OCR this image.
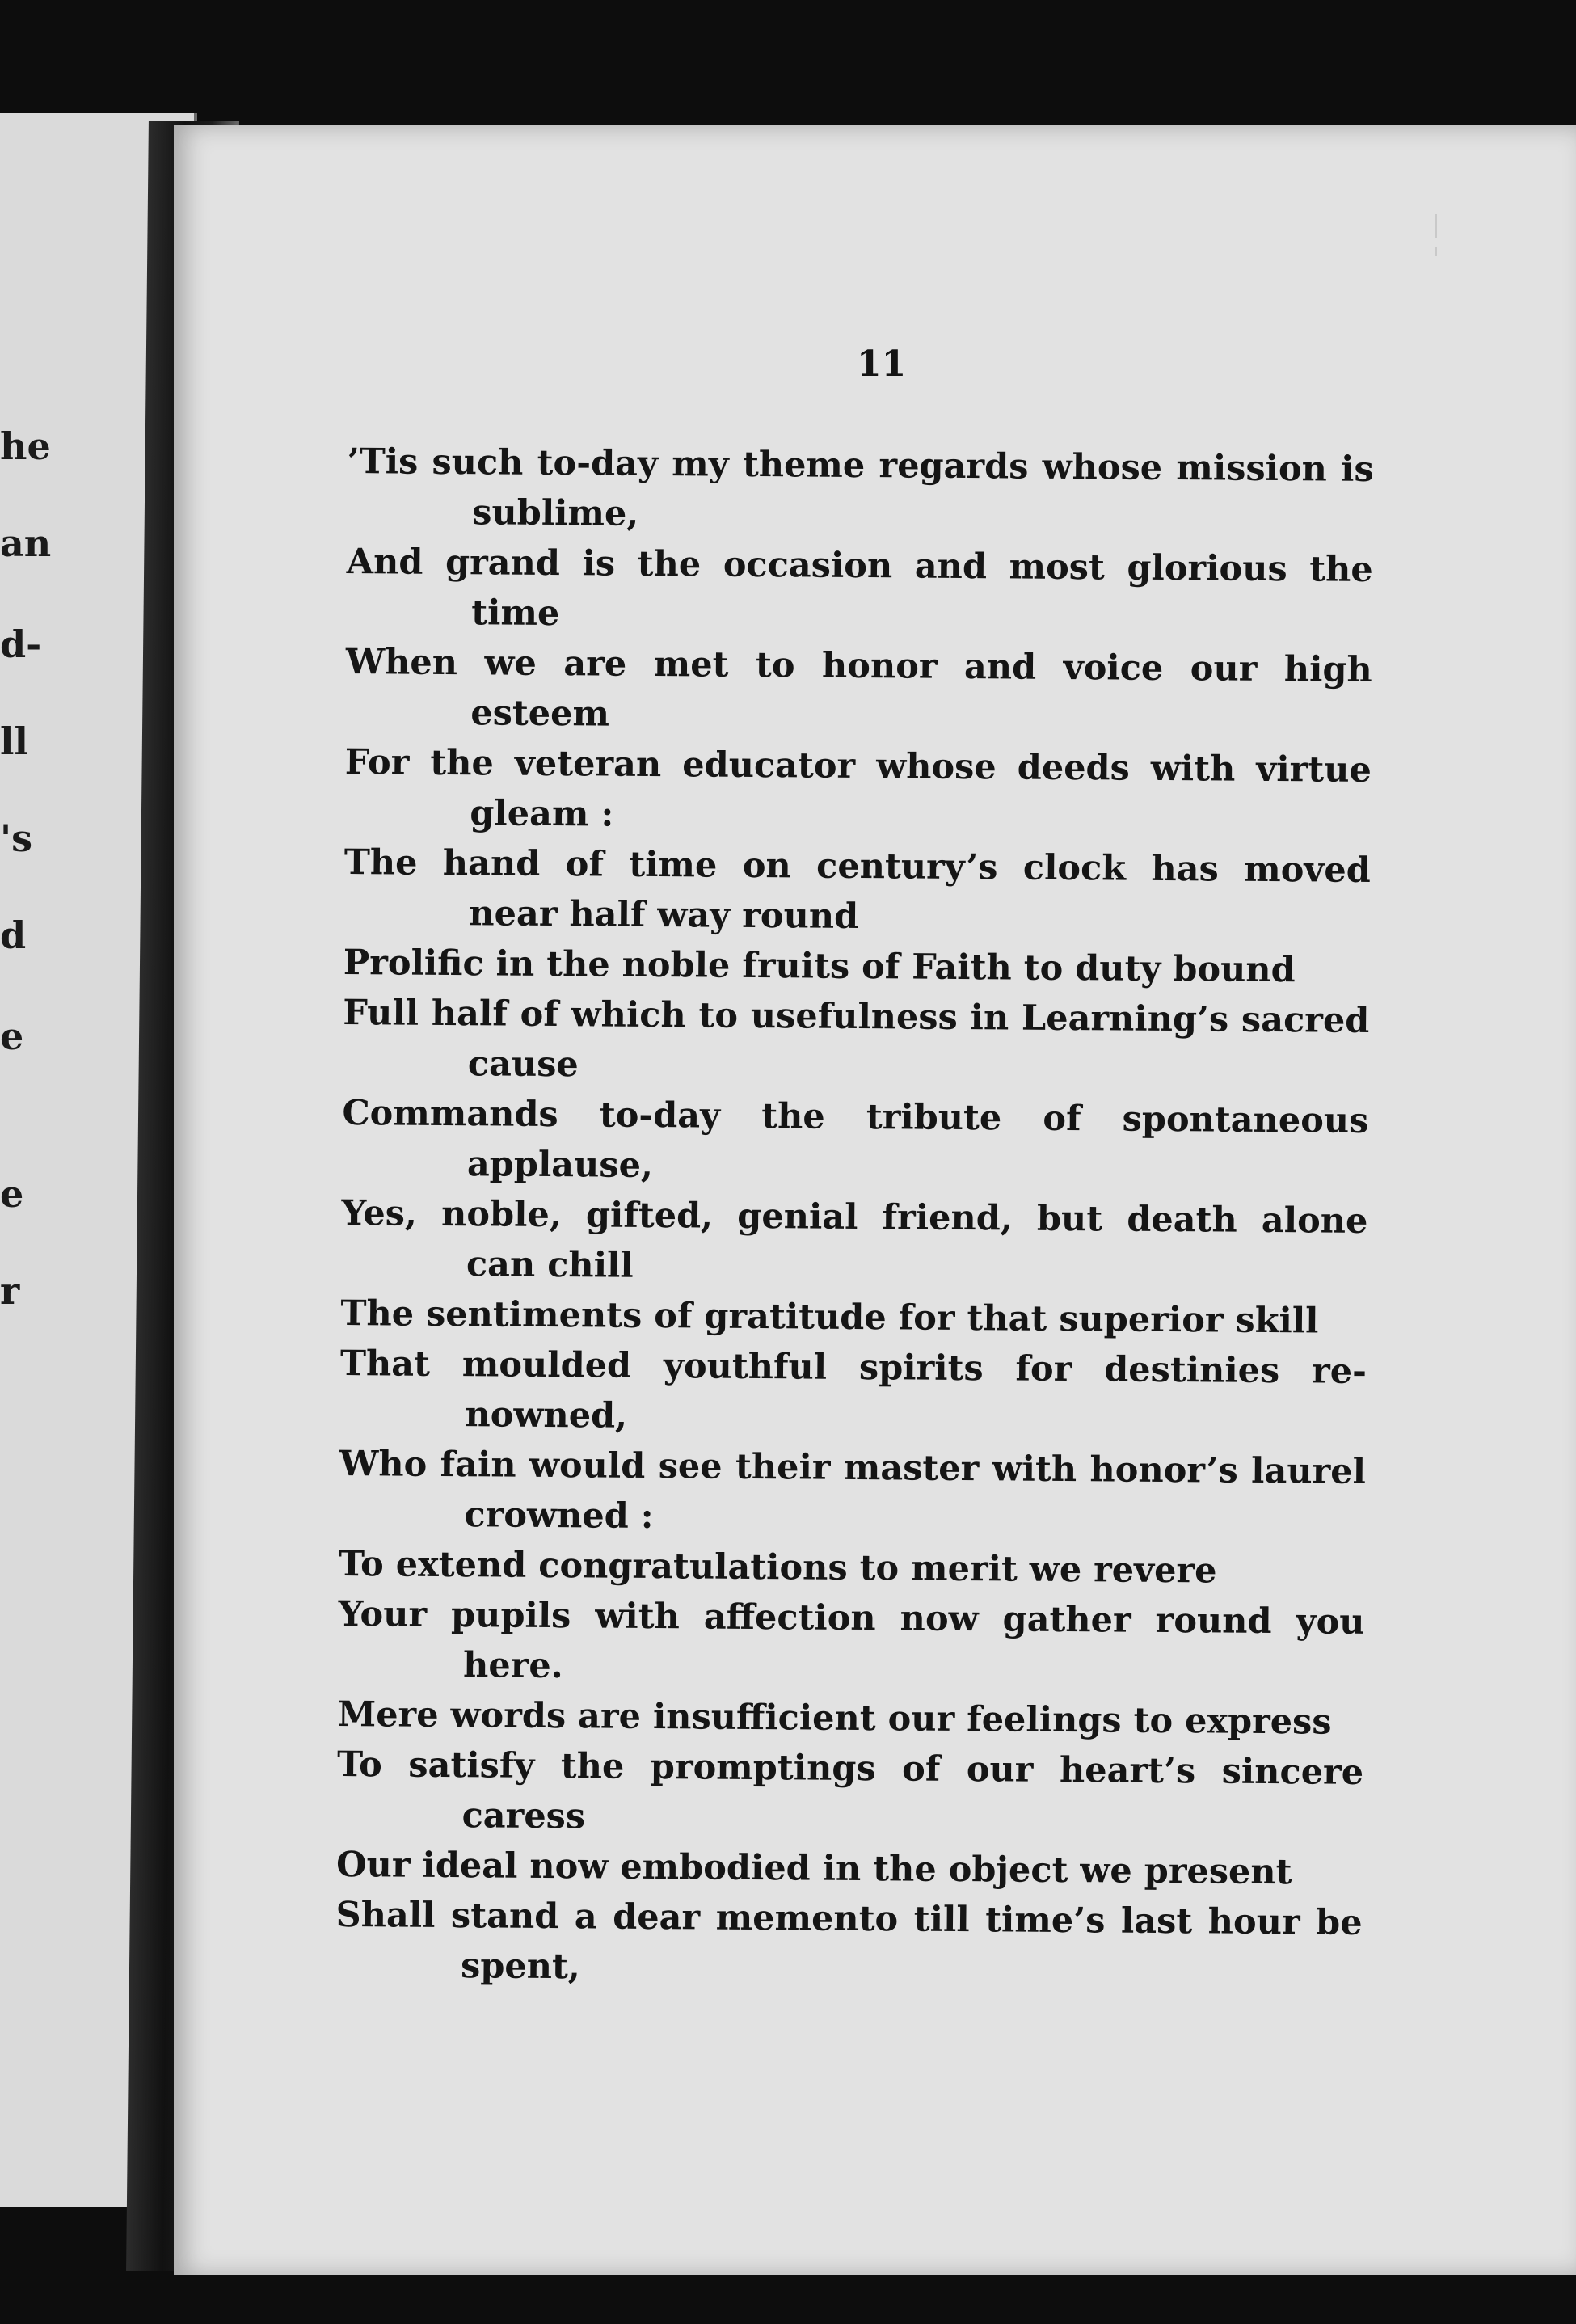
he
an
d-
ll
's
d
e
e
r
11

’Tis such to-day my theme regards whose mission is

sublime,

And grand is the occasion and most glorious the

time

When we are met to honor and voice our high

esteem

For the veteran educator whose deeds with virtue

gleam :

The hand of time on century’s clock has moved

near half way round

Prolific in the noble fruits of Faith to duty bound

Full half of which to usefulness in Learning’s sacred

cause

Commands to-day the tribute of spontaneous

applause,

Yes, noble, gifted, genial friend, but death alone

can chill

The sentiments of gratitude for that superior skill

That moulded youthful spirits for destinies re-

nowned,

Who fain would see their master with honor’s laurel

crowned :

To extend congratulations to merit we revere

Your pupils with affection now gather round you

here.

Mere words are insufficient our feelings to express

To satisfy the promptings of our heart’s sincere

caress

Our ideal now embodied in the object we present

Shall stand a dear memento till time’s last hour be

spent,
